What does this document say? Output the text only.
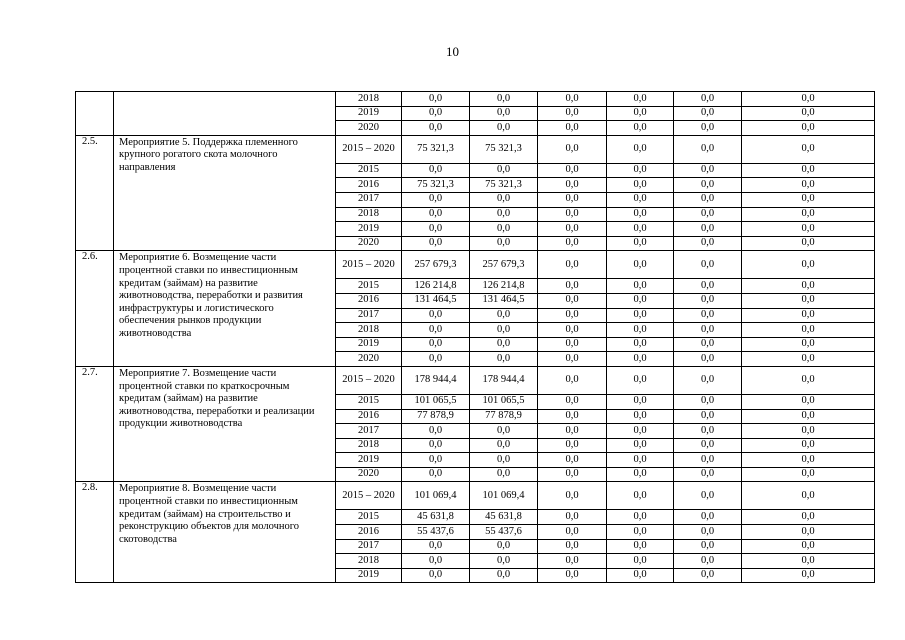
10
		2018	0,0	0,0	0,0	0,0	0,0	0,0
		2019	0,0	0,0	0,0	0,0	0,0	0,0
		2020	0,0	0,0	0,0	0,0	0,0	0,0
2.5.	Мероприятие 5. Поддержка племенного крупного рогатого скота молочного направления	2015 – 2020	75 321,3	75 321,3	0,0	0,0	0,0	0,0
		2015	0,0	0,0	0,0	0,0	0,0	0,0
		2016	75 321,3	75 321,3	0,0	0,0	0,0	0,0
		2017	0,0	0,0	0,0	0,0	0,0	0,0
		2018	0,0	0,0	0,0	0,0	0,0	0,0
		2019	0,0	0,0	0,0	0,0	0,0	0,0
		2020	0,0	0,0	0,0	0,0	0,0	0,0
2.6.	Мероприятие 6. Возмещение части процентной ставки по инвестиционным кредитам (займам) на развитие животноводства, переработки и развития инфраструктуры и логистического обеспечения рынков продукции животноводства	2015 – 2020	257 679,3	257 679,3	0,0	0,0	0,0	0,0
		2015	126 214,8	126 214,8	0,0	0,0	0,0	0,0
		2016	131 464,5	131 464,5	0,0	0,0	0,0	0,0
		2017	0,0	0,0	0,0	0,0	0,0	0,0
		2018	0,0	0,0	0,0	0,0	0,0	0,0
		2019	0,0	0,0	0,0	0,0	0,0	0,0
		2020	0,0	0,0	0,0	0,0	0,0	0,0
2.7.	Мероприятие 7. Возмещение части процентной ставки по краткосрочным кредитам (займам) на развитие животноводства, переработки и реализации продукции животноводства	2015 – 2020	178 944,4	178 944,4	0,0	0,0	0,0	0,0
		2015	101 065,5	101 065,5	0,0	0,0	0,0	0,0
		2016	77 878,9	77 878,9	0,0	0,0	0,0	0,0
		2017	0,0	0,0	0,0	0,0	0,0	0,0
		2018	0,0	0,0	0,0	0,0	0,0	0,0
		2019	0,0	0,0	0,0	0,0	0,0	0,0
		2020	0,0	0,0	0,0	0,0	0,0	0,0
2.8.	Мероприятие 8. Возмещение части процентной ставки по инвестиционным кредитам (займам) на строительство и реконструкцию объектов для молочного скотоводства	2015 – 2020	101 069,4	101 069,4	0,0	0,0	0,0	0,0
		2015	45 631,8	45 631,8	0,0	0,0	0,0	0,0
		2016	55 437,6	55 437,6	0,0	0,0	0,0	0,0
		2017	0,0	0,0	0,0	0,0	0,0	0,0
		2018	0,0	0,0	0,0	0,0	0,0	0,0
		2019	0,0	0,0	0,0	0,0	0,0	0,0
